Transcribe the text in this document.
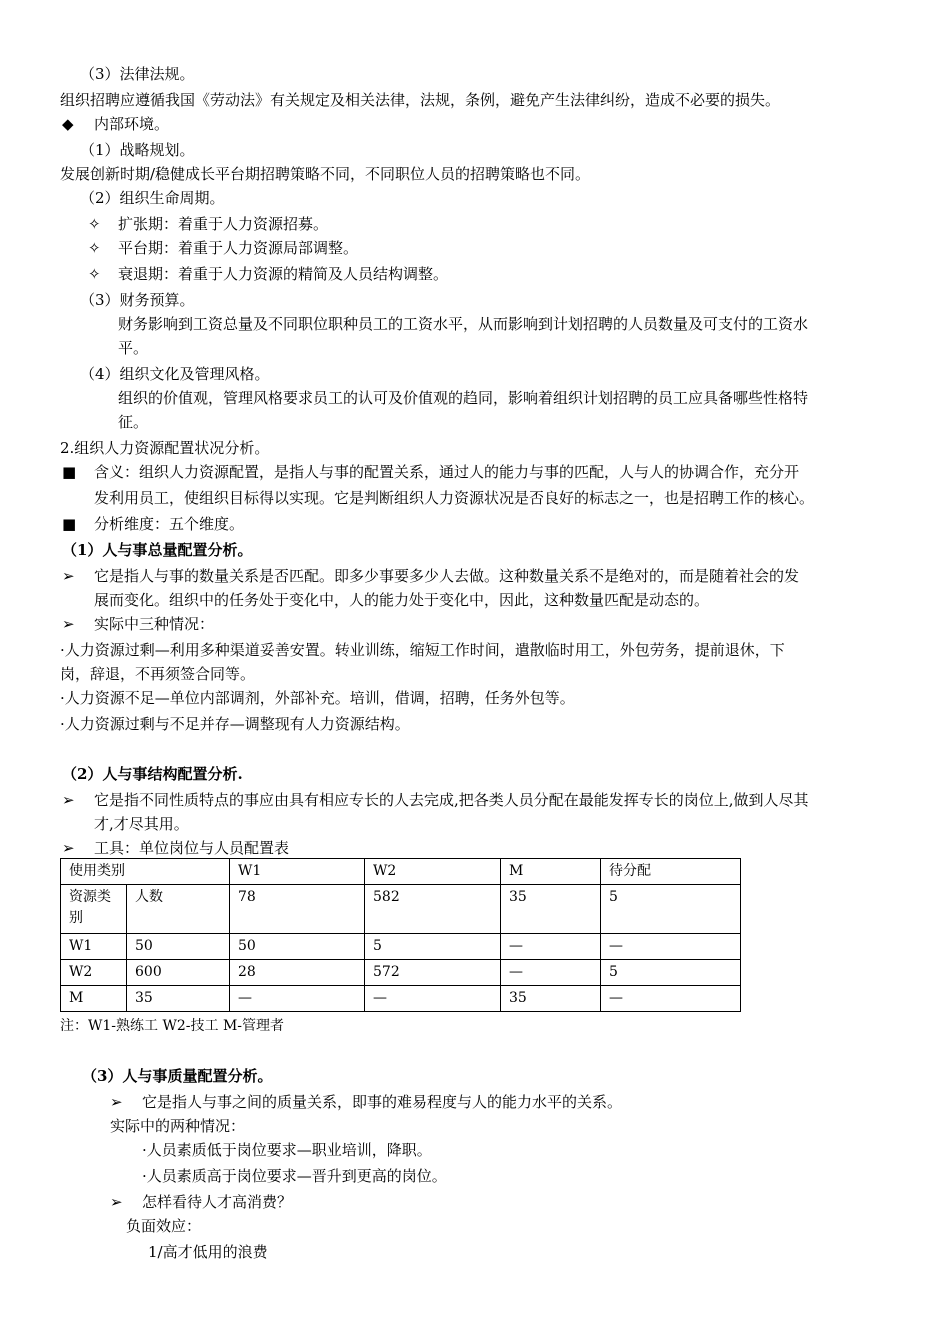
（3）法律法规。
组织招聘应遵循我国《劳动法》有关规定及相关法律，法规，条例，避免产生法律纠纷，造成不必要的损失。
◆ 内部环境。
（1）战略规划。
发展创新时期/稳健成长平台期招聘策略不同，不同职位人员的招聘策略也不同。
（2）组织生命周期。
✧ 扩张期：着重于人力资源招募。
✧ 平台期：着重于人力资源局部调整。
✧ 衰退期：着重于人力资源的精简及人员结构调整。
（3）财务预算。
财务影响到工资总量及不同职位职种员工的工资水平，从而影响到计划招聘的人员数量及可支付的工资水
平。
（4）组织文化及管理风格。
组织的价值观，管理风格要求员工的认可及价值观的趋同，影响着组织计划招聘的员工应具备哪些性格特
征。
2.组织人力资源配置状况分析。
■ 含义：组织人力资源配置，是指人与事的配置关系，通过人的能力与事的匹配，人与人的协调合作，充分开
发利用员工，使组织目标得以实现。它是判断组织人力资源状况是否良好的标志之一，也是招聘工作的核心。
■ 分析维度：五个维度。
（1）人与事总量配置分析。
➢ 它是指人与事的数量关系是否匹配。即多少事要多少人去做。这种数量关系不是绝对的，而是随着社会的发
展而变化。组织中的任务处于变化中，人的能力处于变化中，因此，这种数量匹配是动态的。
➢ 实际中三种情况：
·人力资源过剩—利用多种渠道妥善安置。转业训练，缩短工作时间，遣散临时用工，外包劳务，提前退休，下
岗，辞退，不再须签合同等。
·人力资源不足—单位内部调剂，外部补充。培训，借调，招聘，任务外包等。
·人力资源过剩与不足并存—调整现有人力资源结构。
（2）人与事结构配置分析.
➢ 它是指不同性质特点的事应由具有相应专长的人去完成,把各类人员分配在最能发挥专长的岗位上,做到人尽其
才,才尽其用。
➢ 工具：单位岗位与人员配置表
使用类别		W1	W2	M	待分配
资源类别	人数	78	582	35	5
W1	50	50	5	—	—
W2	600	28	572	—	5
M	35	—	—	35	—
注：W1-熟练工 W2-技工 M-管理者
（3）人与事质量配置分析。
➢ 它是指人与事之间的质量关系，即事的难易程度与人的能力水平的关系。
实际中的两种情况：
·人员素质低于岗位要求—职业培训，降职。
·人员素质高于岗位要求—晋升到更高的岗位。
➢ 怎样看待人才高消费？
负面效应：
1/高才低用的浪费
